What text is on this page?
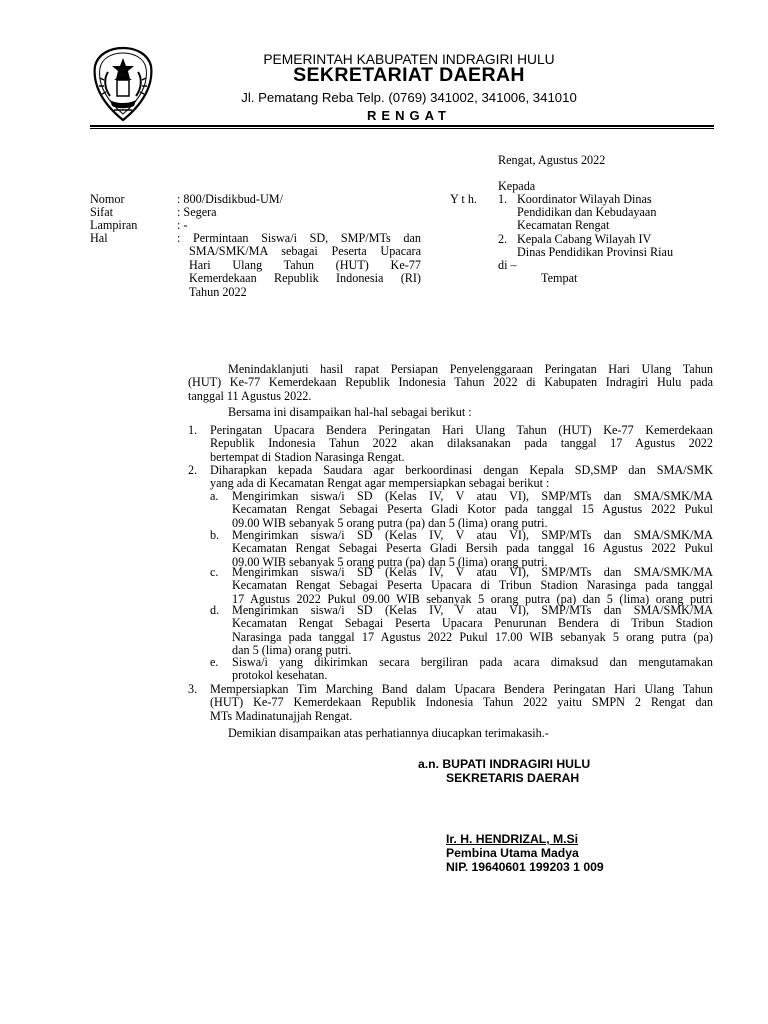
PEMERINTAH KABUPATEN INDRAGIRI HULU
SEKRETARIAT DAERAH
Jl. Pematang Reba Telp. (0769) 341002, 341006, 341010
RENGAT
Rengat, Agustus 2022
Nomor	: 800/Disdikbud-UM/
Sifat	: Segera
Lampiran	: -
Hal	: Permintaan Siswa/i SD, SMP/MTs dan
SMA/SMK/MA sebagai Peserta Upacara
Hari Ulang Tahun (HUT) Ke-77
Kemerdekaan Republik Indonesia (RI)
Tahun 2022
Kepada
Y t h. 1. Koordinator Wilayah Dinas
Pendidikan dan Kebudayaan
Kecamatan Rengat
2. Kepala Cabang Wilayah IV
Dinas Pendidikan Provinsi Riau
di –
Tempat
Menindaklanjuti hasil rapat Persiapan Penyelenggaraan Peringatan Hari Ulang Tahun
(HUT) Ke-77 Kemerdekaan Republik Indonesia Tahun 2022 di Kabupaten Indragiri Hulu pada
tanggal 11 Agustus 2022.
Bersama ini disampaikan hal-hal sebagai berikut :
1. Peringatan Upacara Bendera Peringatan Hari Ulang Tahun (HUT) Ke-77 Kemerdekaan
Republik Indonesia Tahun 2022 akan dilaksanakan pada tanggal 17 Agustus 2022
bertempat di Stadion Narasinga Rengat.
2. Diharapkan kepada Saudara agar berkoordinasi dengan Kepala SD,SMP dan SMA/SMK
yang ada di Kecamatan Rengat agar mempersiapkan sebagai berikut :
a. Mengirimkan siswa/i SD (Kelas IV, V atau VI), SMP/MTs dan SMA/SMK/MA
Kecamatan Rengat Sebagai Peserta Gladi Kotor pada tanggal 15 Agustus 2022 Pukul
09.00 WIB sebanyak 5 orang putra (pa) dan 5 (lima) orang putri.
b. Mengirimkan siswa/i SD (Kelas IV, V atau VI), SMP/MTs dan SMA/SMK/MA
Kecamatan Rengat Sebagai Peserta Gladi Bersih pada tanggal 16 Agustus 2022 Pukul
09.00 WIB sebanyak 5 orang putra (pa) dan 5 (lima) orang putri.
c. Mengirimkan siswa/i SD (Kelas IV, V atau VI), SMP/MTs dan SMA/SMK/MA
Kecamatan Rengat Sebagai Peserta Upacara di Tribun Stadion Narasinga pada tanggal
17 Agustus 2022 Pukul 09.00 WIB sebanyak 5 orang putra (pa) dan 5 (lima) orang putri
d. Mengirimkan siswa/i SD (Kelas IV, V atau VI), SMP/MTs dan SMA/SMK/MA
Kecamatan Rengat Sebagai Peserta Upacara Penurunan Bendera di Tribun Stadion
Narasinga pada tanggal 17 Agustus 2022 Pukul 17.00 WIB sebanyak 5 orang putra (pa)
dan 5 (lima) orang putri.
e. Siswa/i yang dikirimkan secara bergiliran pada acara dimaksud dan mengutamakan
protokol kesehatan.
3. Mempersiapkan Tim Marching Band dalam Upacara Bendera Peringatan Hari Ulang Tahun
(HUT) Ke-77 Kemerdekaan Republik Indonesia Tahun 2022 yaitu SMPN 2 Rengat dan
MTs Madinatunajjah Rengat.
Demikian disampaikan atas perhatiannya diucapkan terimakasih.-
a.n. BUPATI INDRAGIRI HULU
SEKRETARIS DAERAH
Ir. H. HENDRIZAL, M.Si
Pembina Utama Madya
NIP. 19640601 199203 1 009
